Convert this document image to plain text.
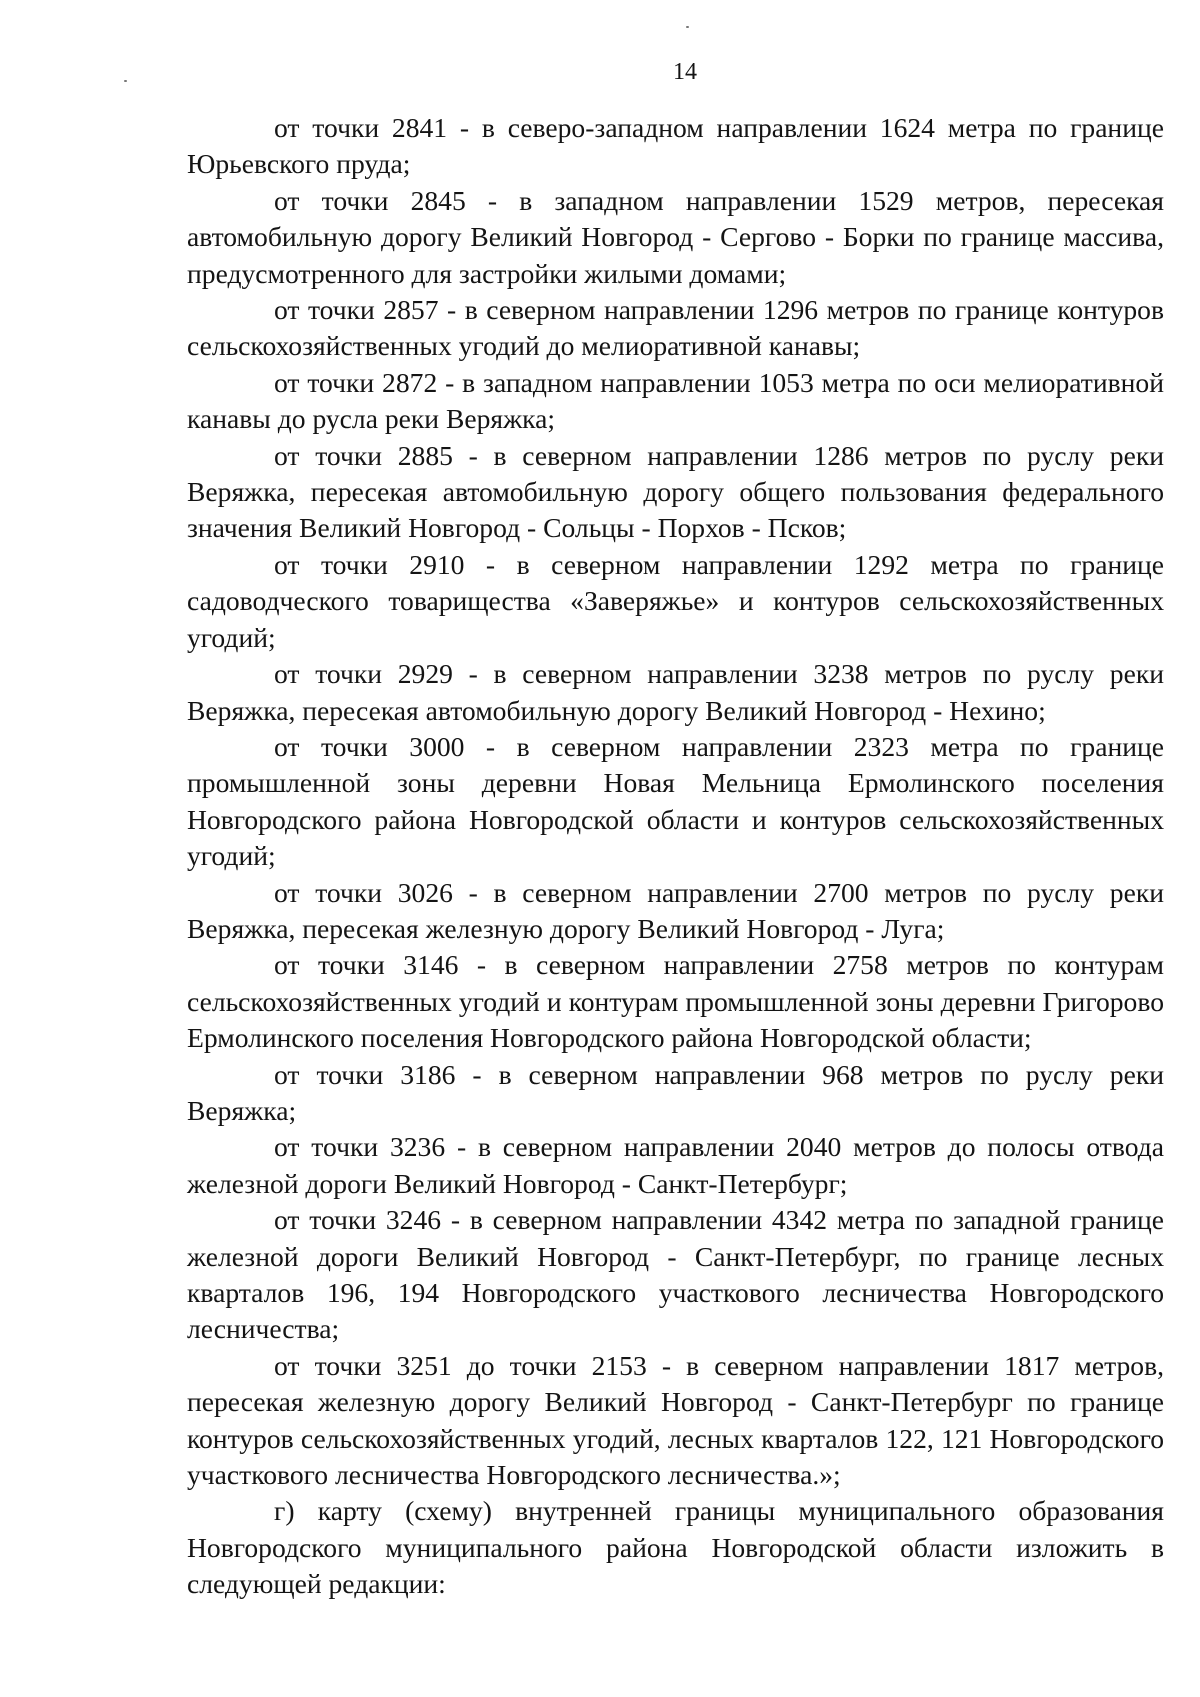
14

от точки 2841 - в северо-западном направлении 1624 метра по границе Юрьевского пруда;

от точки 2845 - в западном направлении 1529 метров, пересекая автомобильную дорогу Великий Новгород - Сергово - Борки по границе массива, предусмотренного для застройки жилыми домами;

от точки 2857 - в северном направлении 1296 метров по границе контуров сельскохозяйственных угодий до мелиоративной канавы;

от точки 2872 - в западном направлении 1053 метра по оси мелиоративной канавы до русла реки Веряжка;

от точки 2885 - в северном направлении 1286 метров по руслу реки Веряжка, пересекая автомобильную дорогу общего пользования федерального значения Великий Новгород - Сольцы - Порхов - Псков;

от точки 2910 - в северном направлении 1292 метра по границе садоводческого товарищества «Заверяжье» и контуров сельскохозяйственных угодий;

от точки 2929 - в северном направлении 3238 метров по руслу реки Веряжка, пересекая автомобильную дорогу Великий Новгород - Нехино;

от точки 3000 - в северном направлении 2323 метра по границе промышленной зоны деревни Новая Мельница Ермолинского поселения Новгородского района Новгородской области и контуров сельскохозяйственных угодий;

от точки 3026 - в северном направлении 2700 метров по руслу реки Веряжка, пересекая железную дорогу Великий Новгород - Луга;

от точки 3146 - в северном направлении 2758 метров по контурам сельскохозяйственных угодий и контурам промышленной зоны деревни Григорово Ермолинского поселения Новгородского района Новгородской области;

от точки 3186 - в северном направлении 968 метров по руслу реки Веряжка;

от точки 3236 - в северном направлении 2040 метров до полосы отвода железной дороги Великий Новгород - Санкт-Петербург;

от точки 3246 - в северном направлении 4342 метра по западной границе железной дороги Великий Новгород - Санкт-Петербург, по границе лесных кварталов 196, 194 Новгородского участкового лесничества Новгородского лесничества;

от точки 3251 до точки 2153 - в северном направлении 1817 метров, пересекая железную дорогу Великий Новгород - Санкт-Петербург по границе контуров сельскохозяйственных угодий, лесных кварталов 122, 121 Новгородского участкового лесничества Новгородского лесничества.»;

г) карту (схему) внутренней границы муниципального образования Новгородского муниципального района Новгородской области изложить в следующей редакции:
